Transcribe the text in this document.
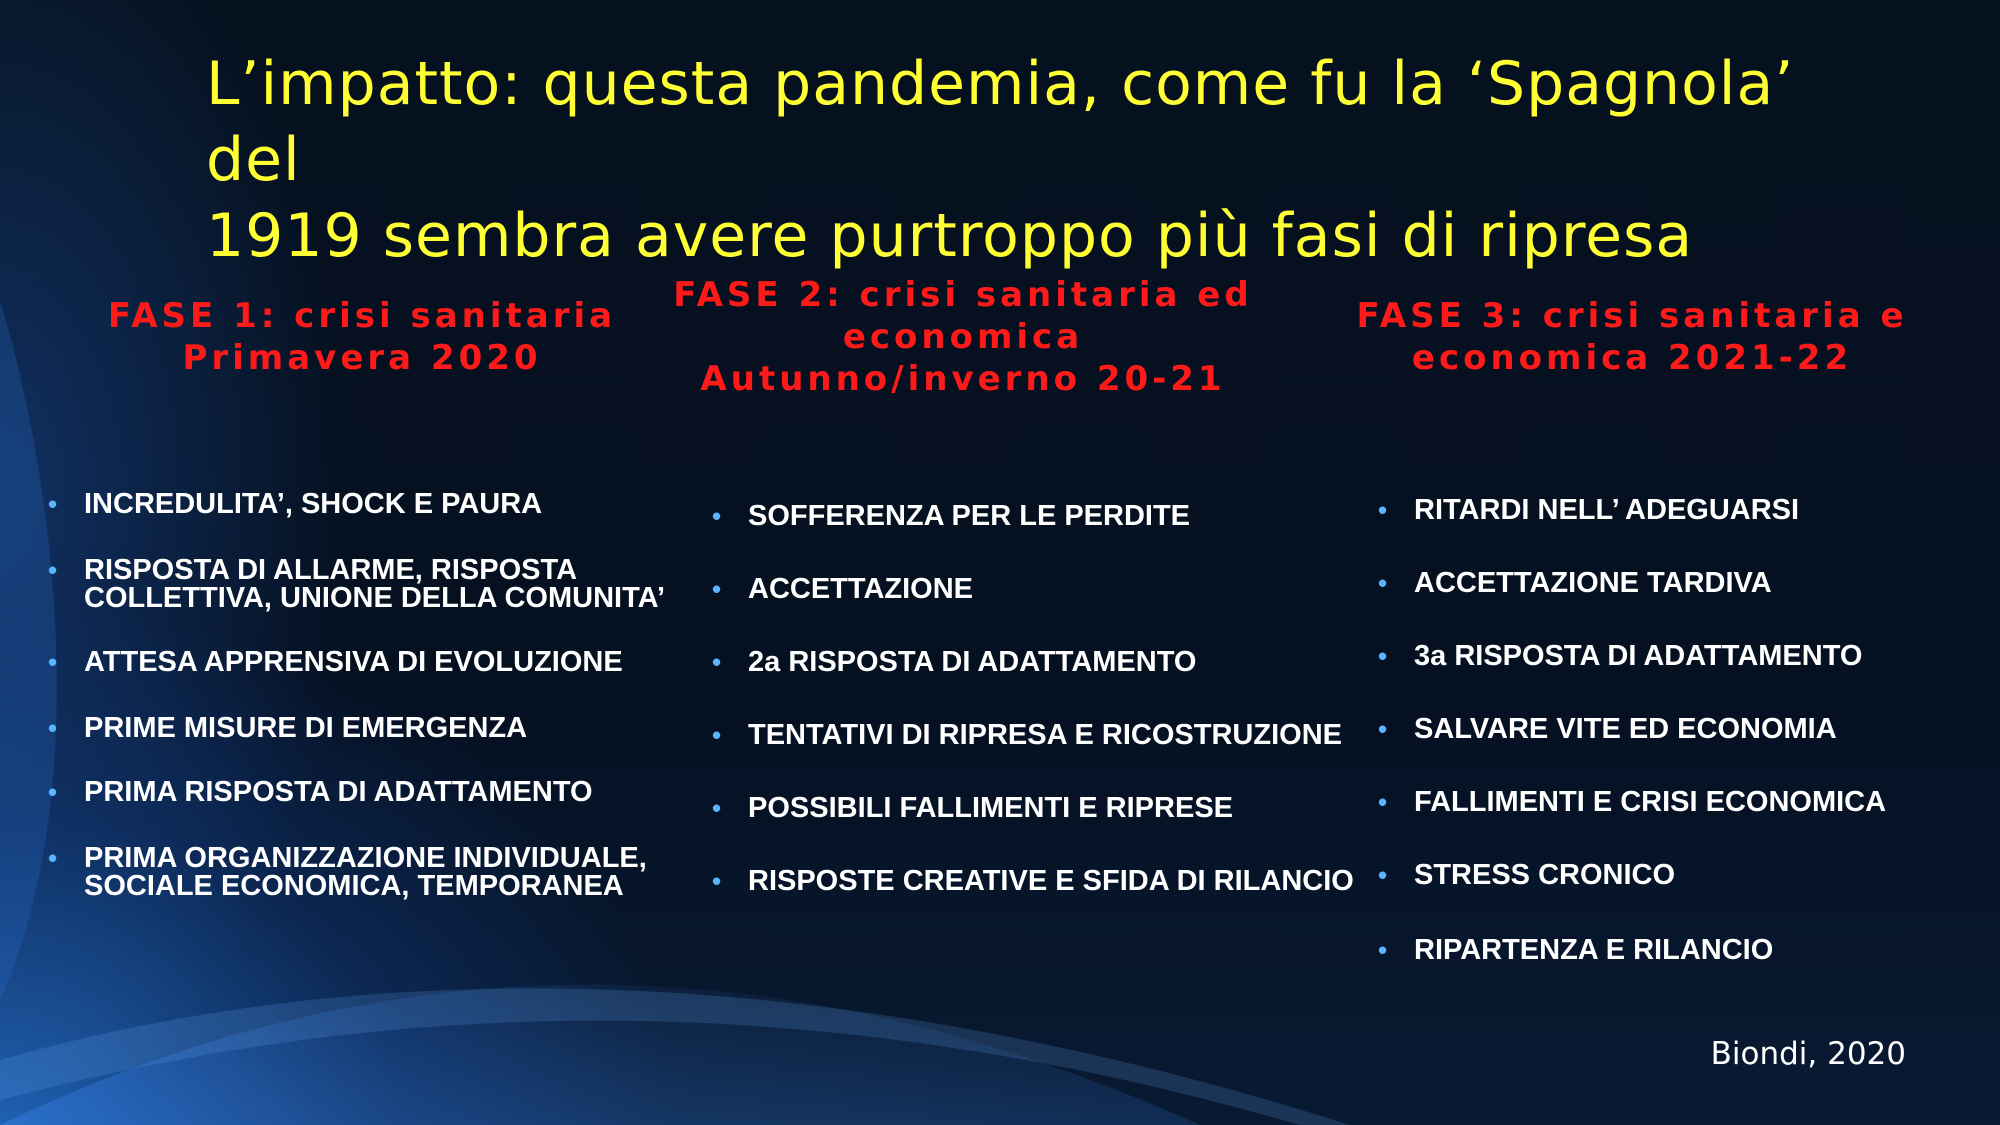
L’impatto: questa pandemia, come fu la ‘Spagnola’ del
1919 sembra avere purtroppo più fasi di ripresa
FASE 1: crisi sanitaria
Primavera 2020
FASE 2: crisi sanitaria ed
economica
Autunno/inverno 20-21
FASE 3: crisi sanitaria e
economica 2021-22
• INCREDULITA’, SHOCK E PAURA
• RISPOSTA DI ALLARME, RISPOSTA COLLETTIVA, UNIONE DELLA COMUNITA’
• ATTESA APPRENSIVA DI EVOLUZIONE
• PRIME MISURE DI EMERGENZA
• PRIMA RISPOSTA DI ADATTAMENTO
• PRIMA ORGANIZZAZIONE INDIVIDUALE, SOCIALE ECONOMICA, TEMPORANEA
• SOFFERENZA PER LE PERDITE
• ACCETTAZIONE
• 2a RISPOSTA DI ADATTAMENTO
• TENTATIVI DI RIPRESA E RICOSTRUZIONE
• POSSIBILI FALLIMENTI E RIPRESE
• RISPOSTE CREATIVE E SFIDA DI RILANCIO
• RITARDI NELL’ ADEGUARSI
• ACCETTAZIONE TARDIVA
• 3a RISPOSTA DI ADATTAMENTO
• SALVARE VITE ED ECONOMIA
• FALLIMENTI E CRISI ECONOMICA
• STRESS CRONICO
• RIPARTENZA E RILANCIO
Biondi, 2020
